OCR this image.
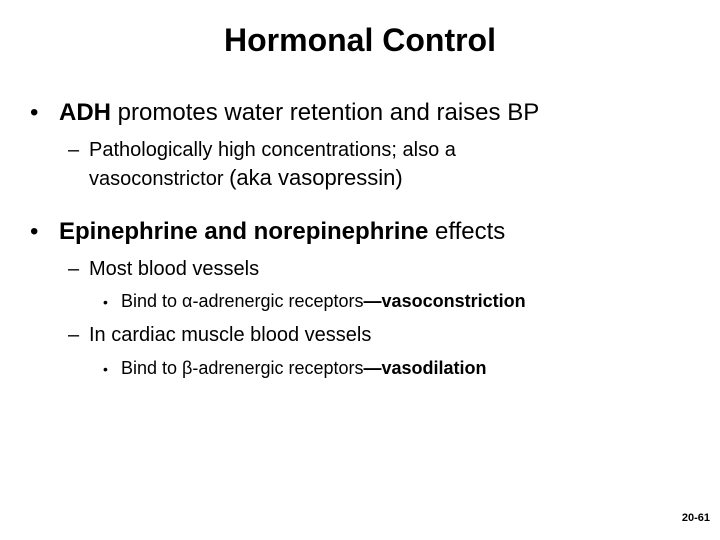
Hormonal Control
• ADH promotes water retention and raises BP
– Pathologically high concentrations; also a
vasoconstrictor (aka vasopressin)
• Epinephrine and norepinephrine effects
– Most blood vessels
• Bind to α-adrenergic receptors—vasoconstriction
– In cardiac muscle blood vessels
• Bind to β-adrenergic receptors—vasodilation
20-61
